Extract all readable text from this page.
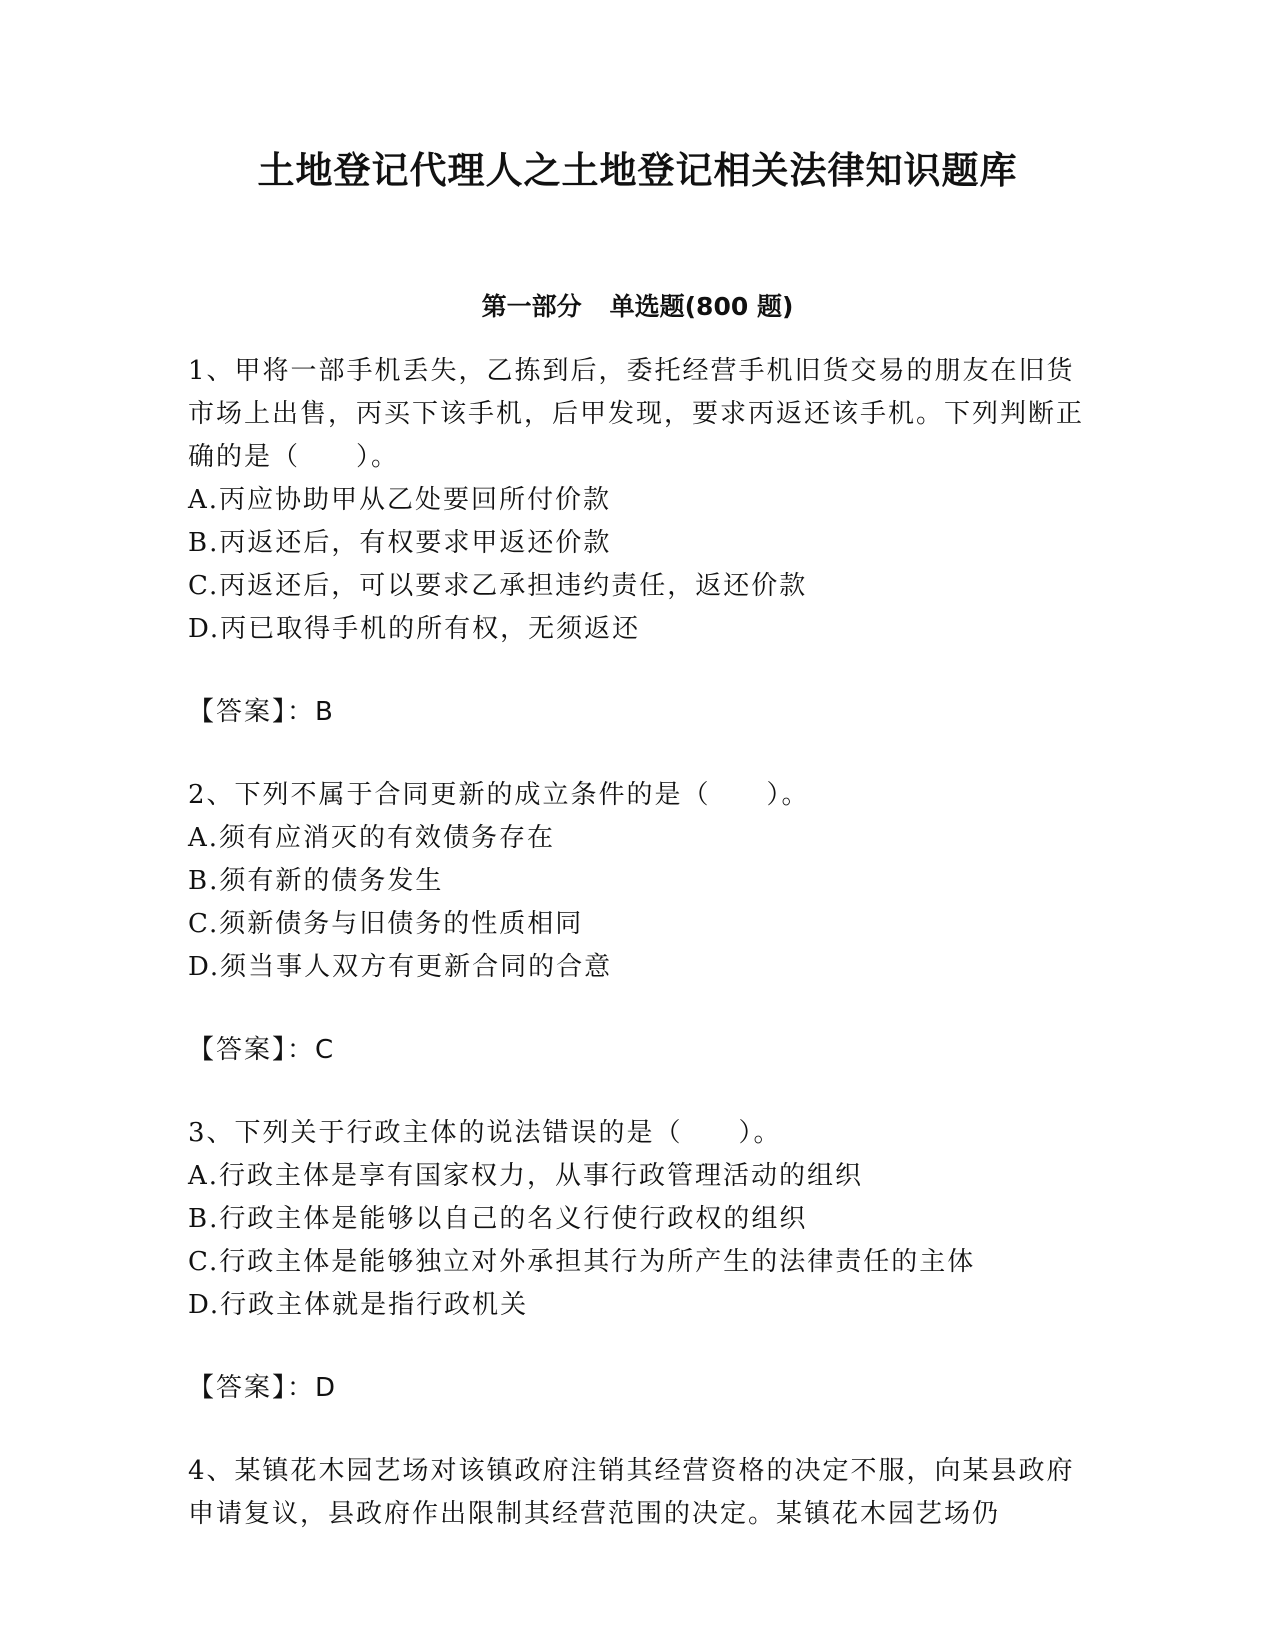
土地登记代理人之土地登记相关法律知识题库
第一部分 单选题(800 题)

1、甲将一部手机丢失，乙拣到后，委托经营手机旧货交易的朋友在旧货市场上出售，丙买下该手机，后甲发现，要求丙返还该手机。下列判断正确的是（　　）。

A.丙应协助甲从乙处要回所付价款

B.丙返还后，有权要求甲返还价款

C.丙返还后，可以要求乙承担违约责任，返还价款

D.丙已取得手机的所有权，无须返还

【答案】：B

2、下列不属于合同更新的成立条件的是（　　）。

A.须有应消灭的有效债务存在

B.须有新的债务发生

C.须新债务与旧债务的性质相同

D.须当事人双方有更新合同的合意

【答案】：C

3、下列关于行政主体的说法错误的是（　　）。

A.行政主体是享有国家权力，从事行政管理活动的组织

B.行政主体是能够以自己的名义行使行政权的组织

C.行政主体是能够独立对外承担其行为所产生的法律责任的主体

D.行政主体就是指行政机关

【答案】：D

4、某镇花木园艺场对该镇政府注销其经营资格的决定不服，向某县政府申请复议，县政府作出限制其经营范围的决定。某镇花木园艺场仍
